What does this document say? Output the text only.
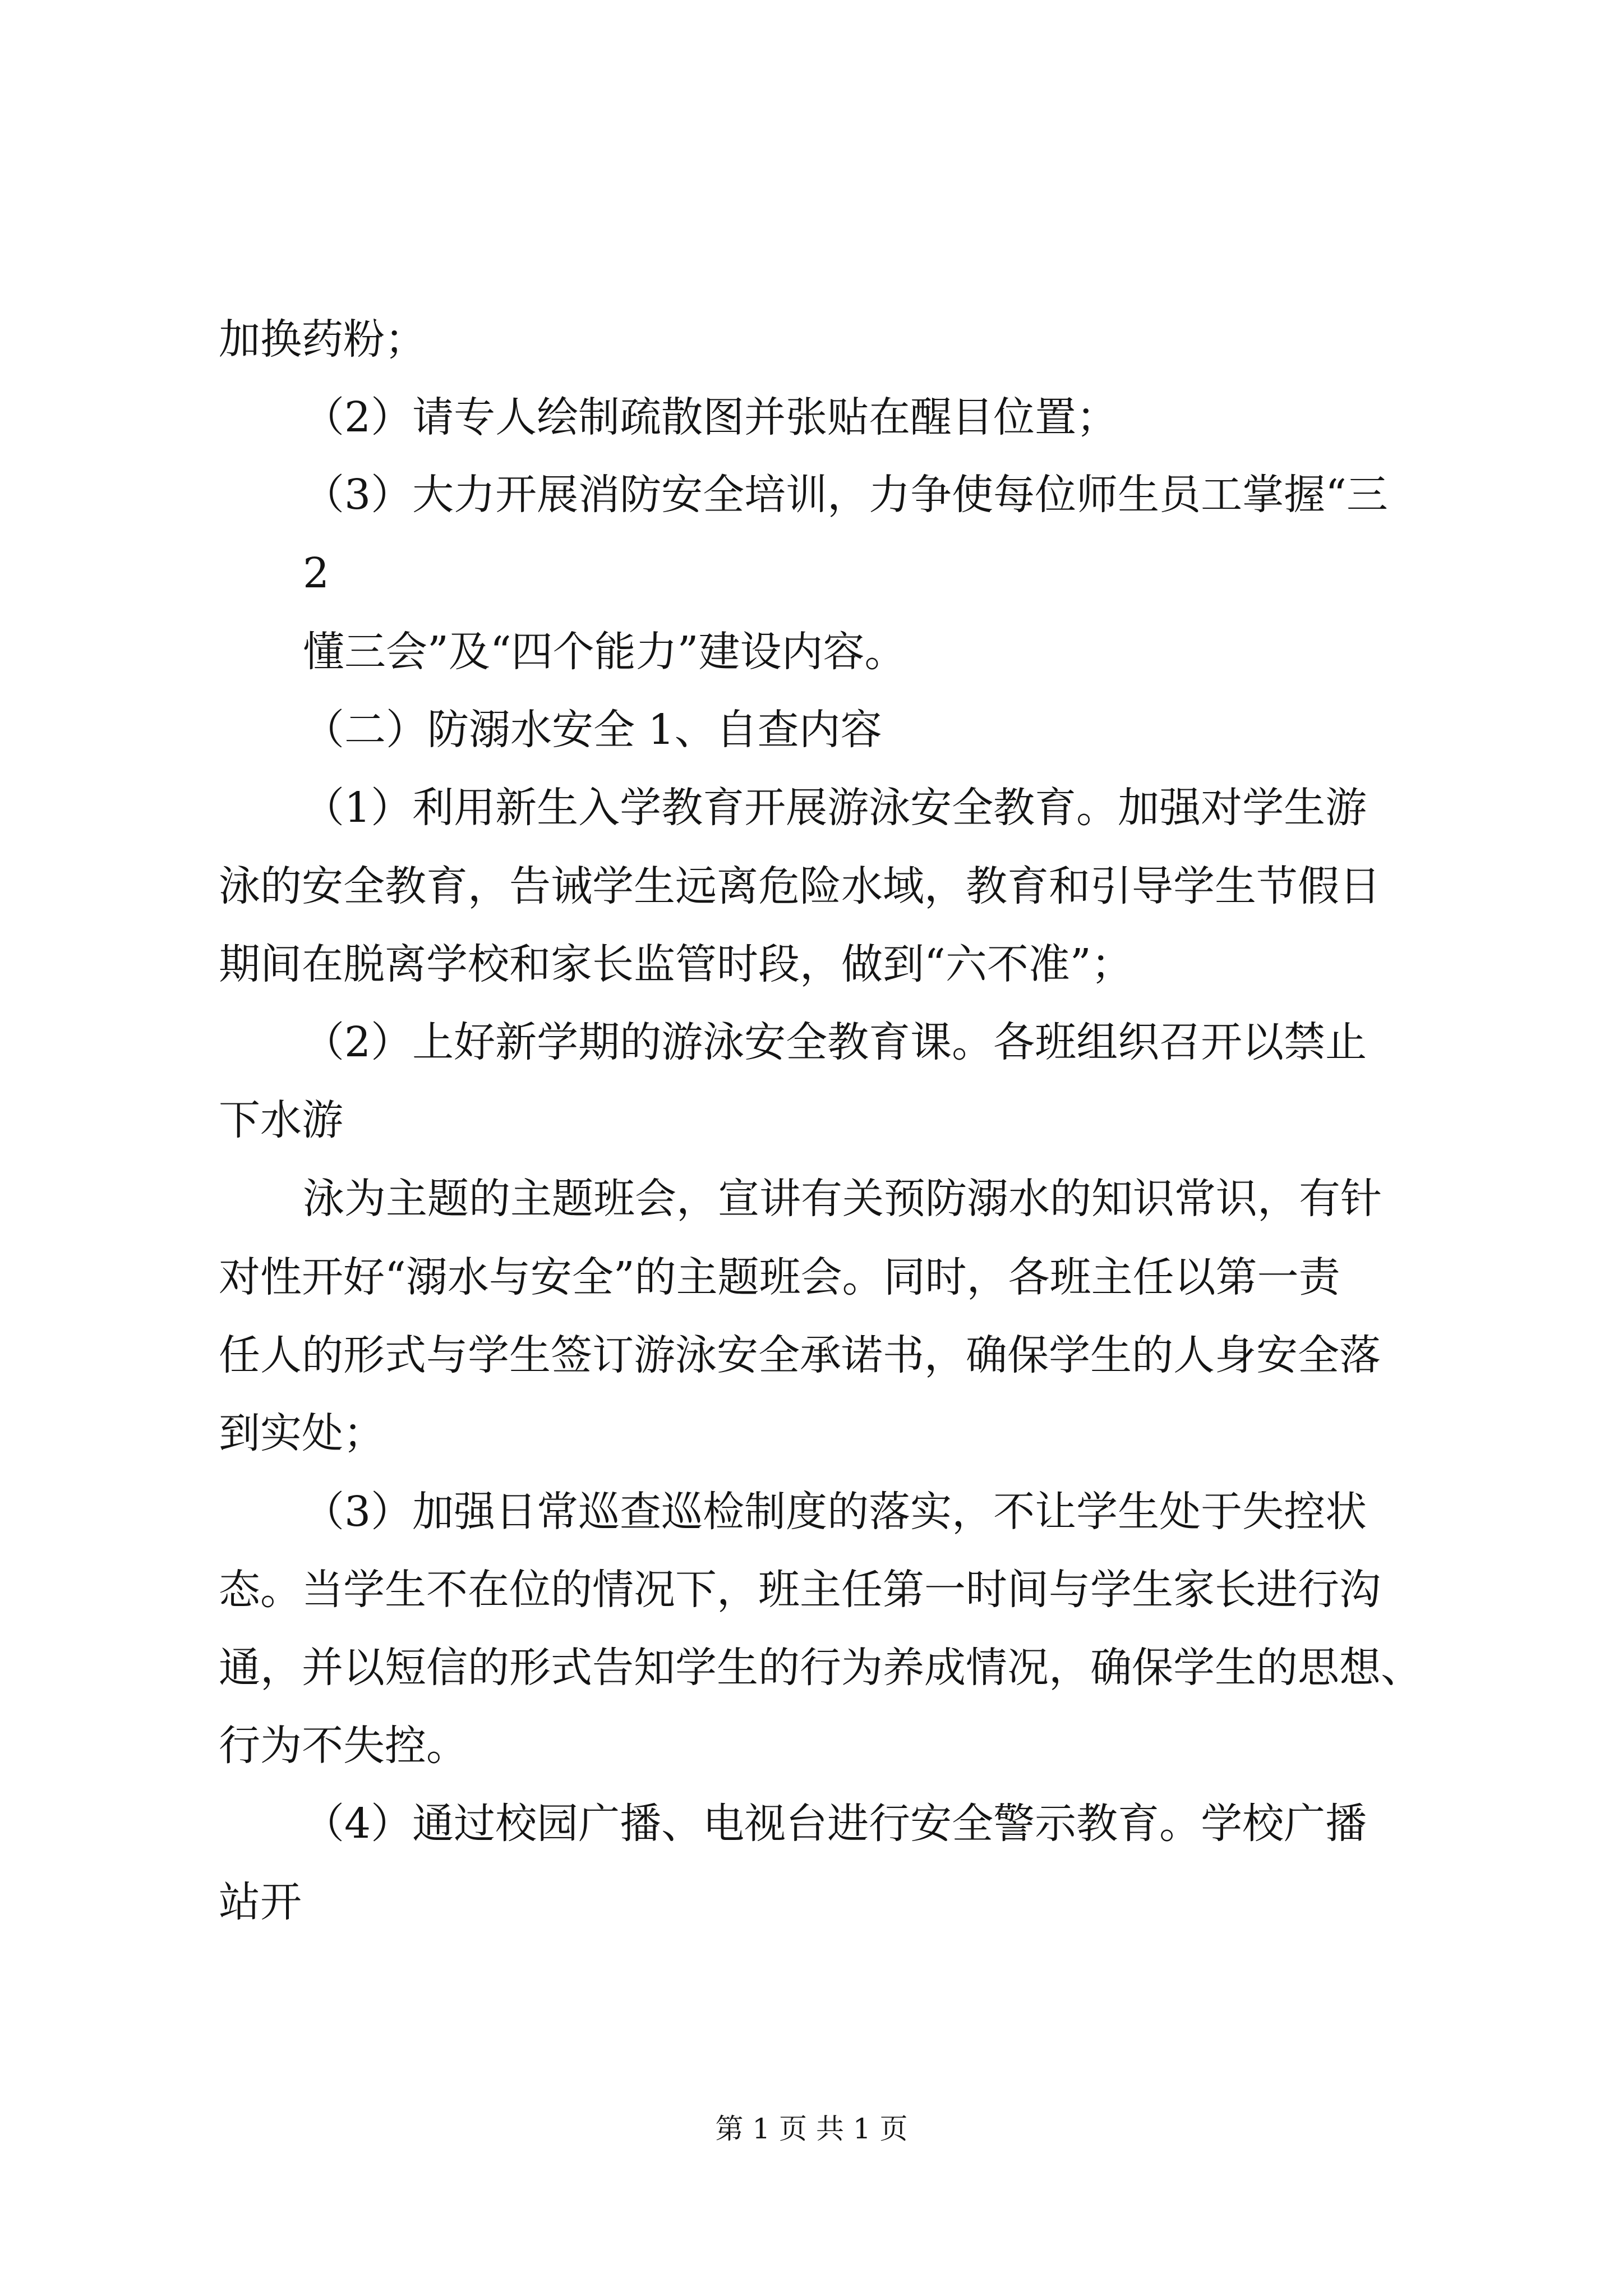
加换药粉；
（2）请专人绘制疏散图并张贴在醒目位置；
（3）大力开展消防安全培训，力争使每位师生员工掌握“三
2
懂三会”及“四个能力”建设内容。
（二）防溺水安全 1、自查内容
（1）利用新生入学教育开展游泳安全教育。加强对学生游
泳的安全教育，告诫学生远离危险水域，教育和引导学生节假日
期间在脱离学校和家长监管时段，做到“六不准”；
（2）上好新学期的游泳安全教育课。各班组织召开以禁止
下水游
泳为主题的主题班会，宣讲有关预防溺水的知识常识，有针
对性开好“溺水与安全”的主题班会。同时，各班主任以第一责
任人的形式与学生签订游泳安全承诺书，确保学生的人身安全落
到实处；
（3）加强日常巡查巡检制度的落实，不让学生处于失控状
态。当学生不在位的情况下，班主任第一时间与学生家长进行沟
通，并以短信的形式告知学生的行为养成情况，确保学生的思想、
行为不失控。
（4）通过校园广播、电视台进行安全警示教育。学校广播
站开
第 1 页 共 1 页
